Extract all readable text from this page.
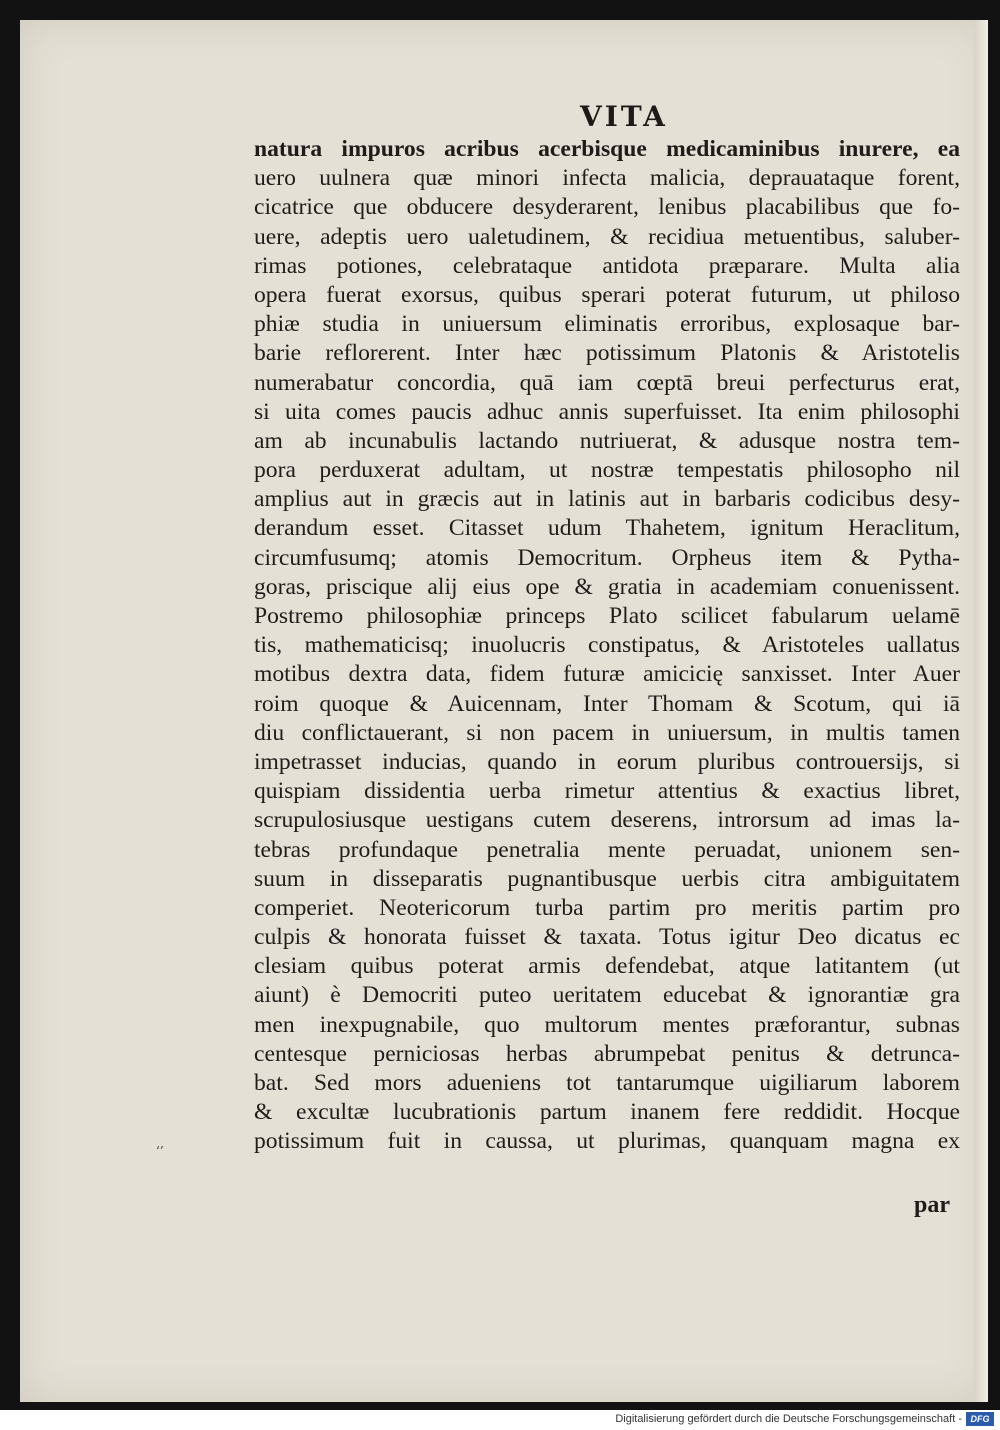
VITA
natura impuros acribus acerbisque medicaminibus inurere, ea
uero uulnera quæ minori infecta malicia, deprauataque forent,
cicatrice que obducere desyderarent, lenibus placabilibus que fo-
uere, adeptis uero ualetudinem, & recidiua metuentibus, saluber-
rimas potiones, celebrataque antidota præparare. Multa alia
opera fuerat exorsus, quibus sperari poterat futurum, ut philoso
phiæ studia in uniuersum eliminatis erroribus, explosaque bar-
barie reflorerent. Inter hæc potissimum Platonis & Aristotelis
numerabatur concordia, quā iam cœptā breui perfecturus erat,
si uita comes paucis adhuc annis superfuisset. Ita enim philosophi
am ab incunabulis lactando nutriuerat, & adusque nostra tem-
pora perduxerat adultam, ut nostræ tempestatis philosopho nil
amplius aut in græcis aut in latinis aut in barbaris codicibus desy-
derandum esset. Citasset udum Thahetem, ignitum Heraclitum,
circumfusumq; atomis Democritum. Orpheus item & Pytha-
goras, priscique alij eius ope & gratia in academiam conuenissent.
Postremo philosophiæ princeps Plato scilicet fabularum uelamē
tis, mathematicisq; inuolucris constipatus, & Aristoteles uallatus
motibus dextra data, fidem futuræ amicicię sanxisset. Inter Auer
roim quoque & Auicennam, Inter Thomam & Scotum, qui iā
diu conflictauerant, si non pacem in uniuersum, in multis tamen
impetrasset inducias, quando in eorum pluribus controuersijs, si
quispiam dissidentia uerba rimetur attentius & exactius libret,
scrupulosiusque uestigans cutem deserens, introrsum ad imas la-
tebras profundaque penetralia mente peruadat, unionem sen-
suum in disseparatis pugnantibusque uerbis citra ambiguitatem
comperiet. Neotericorum turba partim pro meritis partim pro
culpis & honorata fuisset & taxata. Totus igitur Deo dicatus ec
clesiam quibus poterat armis defendebat, atque latitantem (ut
aiunt) è Democriti puteo ueritatem educebat & ignorantiæ gra
men inexpugnabile, quo multorum mentes præforantur, subnas
centesque perniciosas herbas abrumpebat penitus & detrunca-
bat. Sed mors adueniens tot tantarumque uigiliarum laborem
& excultæ lucubrationis partum inanem fere reddidit. Hocque
potissimum fuit in caussa, ut plurimas, quanquam magna ex
par
‘’
Digitalisierung gefördert durch die Deutsche Forschungsgemeinschaft - DFG
